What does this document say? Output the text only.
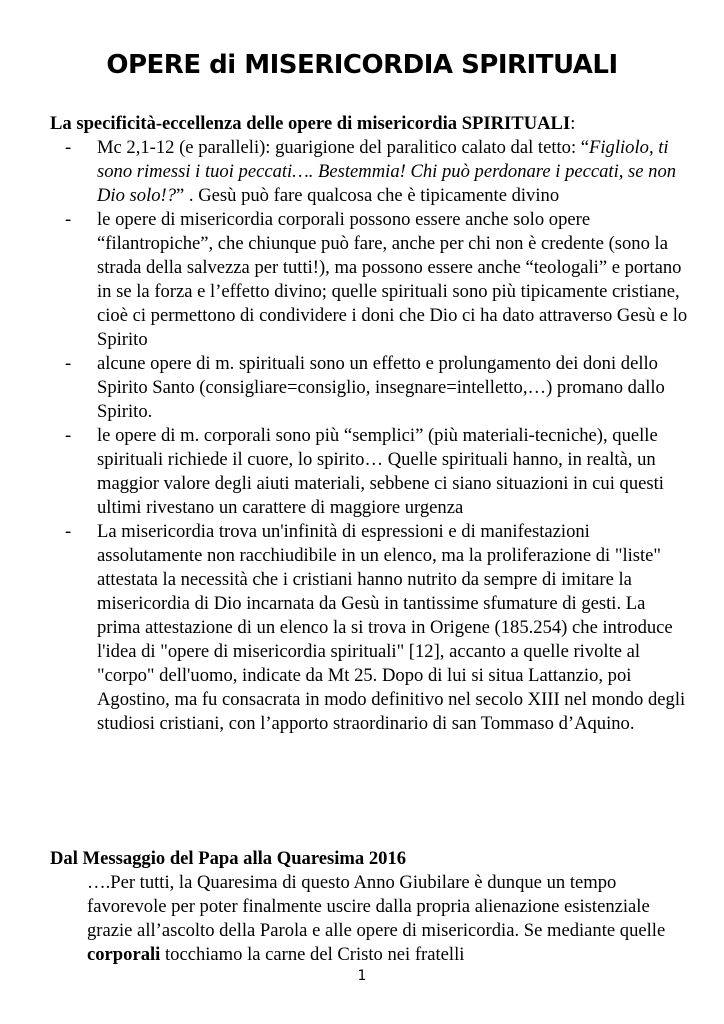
OPERE di MISERICORDIA SPIRITUALI

La specificità-eccellenza delle opere di misericordia SPIRITUALI:

- Mc 2,1-12 (e paralleli): guarigione del paralitico calato dal tetto: “Figliolo, ti sono rimessi i tuoi peccati…. Bestemmia! Chi può perdonare i peccati, se non Dio solo!?” . Gesù può fare qualcosa che è tipicamente divino
- le opere di misericordia corporali possono essere anche solo opere “filantropiche”, che chiunque può fare, anche per chi non è credente (sono la strada della salvezza per tutti!), ma possono essere anche “teologali” e portano in se la forza e l’effetto divino; quelle spirituali sono più tipicamente cristiane, cioè ci permettono di condividere i doni che Dio ci ha dato attraverso Gesù e lo Spirito
- alcune opere di m. spirituali sono un effetto e prolungamento dei doni dello Spirito Santo (consigliare=consiglio, insegnare=intelletto,…) promano dallo Spirito.
- le opere di m. corporali sono più “semplici” (più materiali-tecniche), quelle spirituali richiede il cuore, lo spirito… Quelle spirituali hanno, in realtà, un maggior valore degli aiuti materiali, sebbene ci siano situazioni in cui questi ultimi rivestano un carattere di maggiore urgenza
- La misericordia trova un'infinità di espressioni e di manifestazioni assolutamente non racchiudibile in un elenco, ma la proliferazione di "liste" attestata la necessità che i cristiani hanno nutrito da sempre di imitare la misericordia di Dio incarnata da Gesù in tantissime sfumature di gesti. La prima attestazione di un elenco la si trova in Origene (185.254) che introduce l'idea di "opere di misericordia spirituali" [12], accanto a quelle rivolte al "corpo" dell'uomo, indicate da Mt 25. Dopo di lui si situa Lattanzio, poi Agostino, ma fu consacrata in modo definitivo nel secolo XIII nel mondo degli studiosi cristiani, con l’apporto straordinario di san Tommaso d’Aquino.

Dal Messaggio del Papa alla Quaresima 2016

….Per tutti, la Quaresima di questo Anno Giubilare è dunque un tempo favorevole per poter finalmente uscire dalla propria alienazione esistenziale grazie all’ascolto della Parola e alle opere di misericordia. Se mediante quelle corporali tocchiamo la carne del Cristo nei fratelli

1
